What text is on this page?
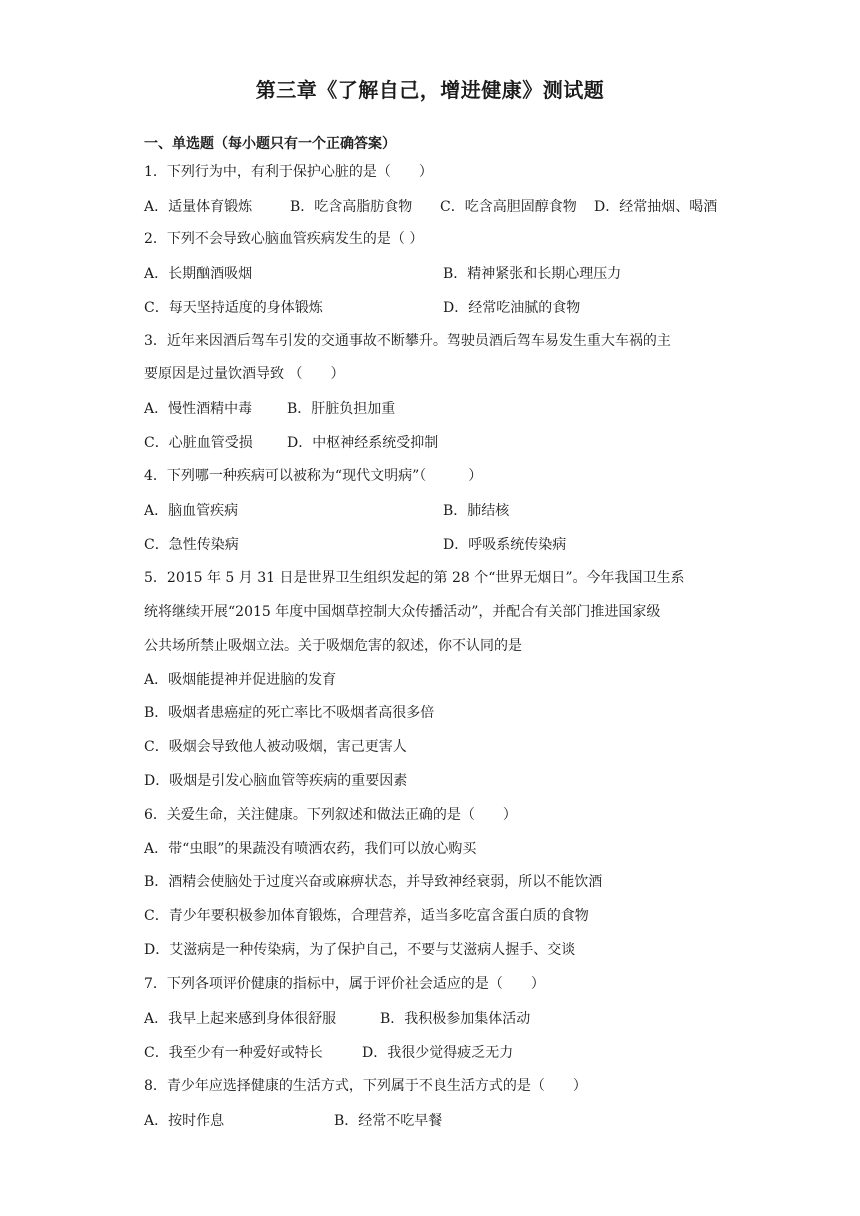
第三章《了解自己，增进健康》测试题
一、单选题（每小题只有一个正确答案）
1．下列行为中，有利于保护心脏的是（　　）
A．适量体育锻炼	B．吃含高脂肪食物 C．吃含高胆固醇食物 D．经常抽烟、喝酒
2．下列不会导致心脑血管疾病发生的是（ ）
A．长期酗酒吸烟	B．精神紧张和长期心理压力
C．每天坚持适度的身体锻炼	D．经常吃油腻的食物
3．近年来因酒后驾车引发的交通事故不断攀升。驾驶员酒后驾车易发生重大车祸的主
要原因是过量饮酒导致 （　　）
A．慢性酒精中毒 B．肝脏负担加重
C．心脏血管受损 D．中枢神经系统受抑制
4．下列哪一种疾病可以被称为“现代文明病”（　　　）
A．脑血管疾病	B．肺结核
C．急性传染病	D．呼吸系统传染病
5．2015 年 5 月 31 日是世界卫生组织发起的第 28 个“世界无烟日”。今年我国卫生系
统将继续开展“2015 年度中国烟草控制大众传播活动”，并配合有关部门推进国家级
公共场所禁止吸烟立法。关于吸烟危害的叙述，你不认同的是
A．吸烟能提神并促进脑的发育
B．吸烟者患癌症的死亡率比不吸烟者高很多倍
C．吸烟会导致他人被动吸烟，害己更害人
D．吸烟是引发心脑血管等疾病的重要因素
6．关爱生命，关注健康。下列叙述和做法正确的是（　　）
A．带“虫眼”的果蔬没有喷洒农药，我们可以放心购买
B．酒精会使脑处于过度兴奋或麻痹状态，并导致神经衰弱，所以不能饮酒
C．青少年要积极参加体育锻炼，合理营养，适当多吃富含蛋白质的食物
D．艾滋病是一种传染病，为了保护自己，不要与艾滋病人握手、交谈
7．下列各项评价健康的指标中，属于评价社会适应的是（　　）
A．我早上起来感到身体很舒服	B．我积极参加集体活动
C．我至少有一种爱好或特长	D．我很少觉得疲乏无力
8．青少年应选择健康的生活方式，下列属于不良生活方式的是（　　）
A．按时作息	B．经常不吃早餐
